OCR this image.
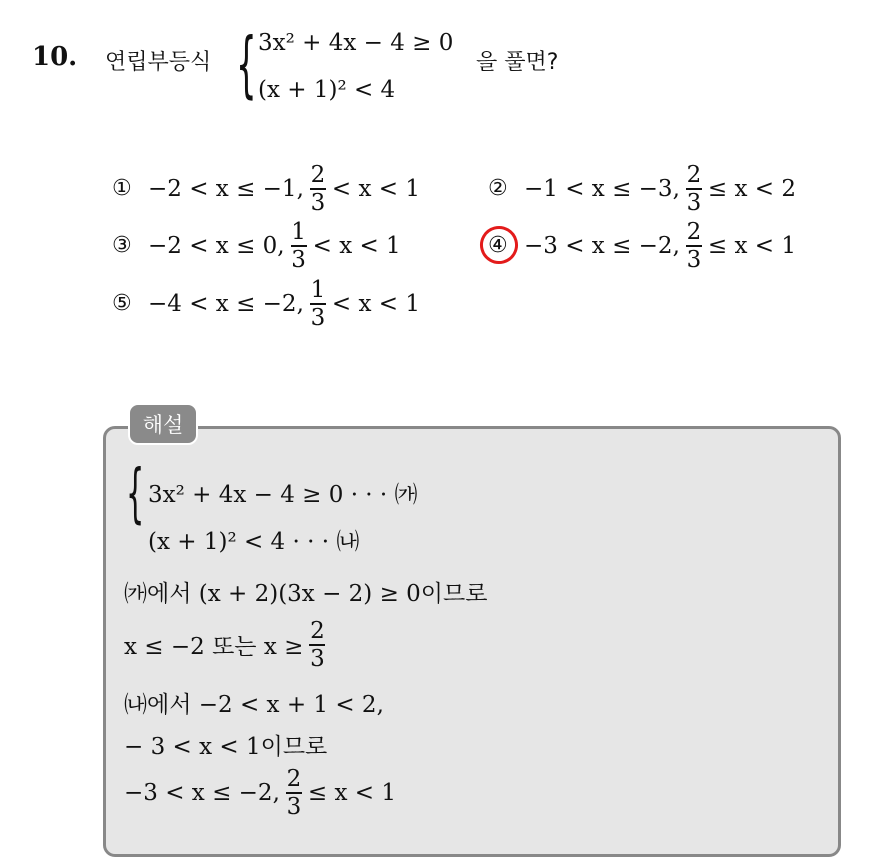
10. 연립부등식 { 3x² + 4x − 4 ≥ 0
(x + 1)² < 4
을 풀면?
① −2 < x ≤ −1, $\frac{2}{3} < x < 1$	② −1 < x ≤ −3, $\frac{2}{3} \le x < 2$
③ −2 < x ≤ 0, $\frac{1}{3} < x < 1$	④ −3 < x ≤ −2, $\frac{2}{3} \le x < 1$
⑤ −4 < x ≤ −2, $\frac{1}{3} < x < 1$
해설
{ 3x² + 4x − 4 ≥ 0 · · · ㈎
(x + 1)² < 4 · · · ㈏
㈎에서 (x + 2)(3x − 2) ≥ 0이므로
x ≤ −2 또는 $x \ge \frac{2}{3}$
㈏에서 −2 < x + 1 < 2,
− 3 < x < 1이므로
−3 < x ≤ −2, $\frac{2}{3} \le x < 1$
